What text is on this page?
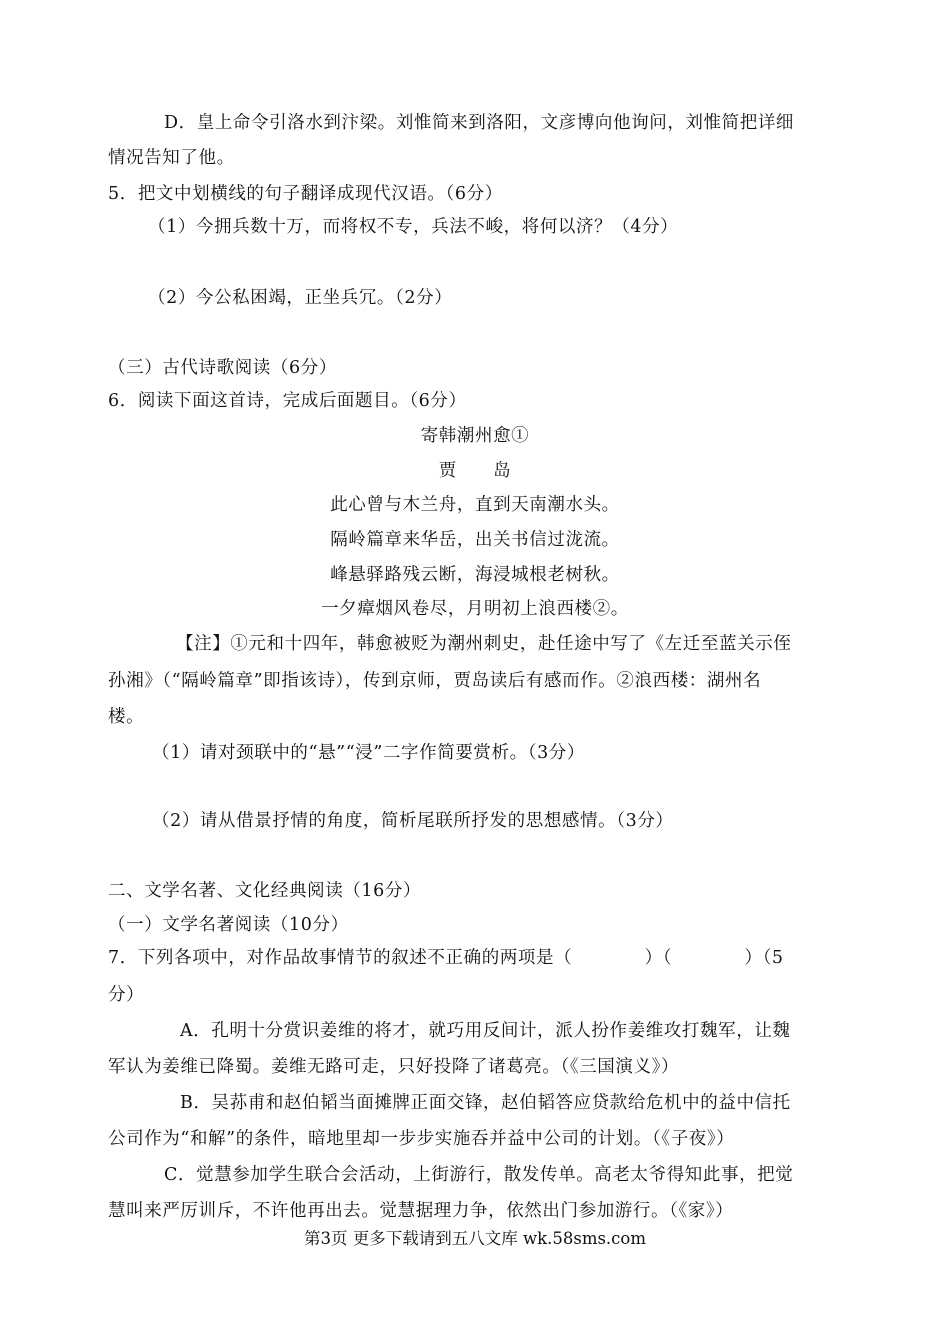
D．皇上命令引洛水到汴梁。刘惟简来到洛阳，文彦博向他询问，刘惟简把详细
情况告知了他。
5．把文中划横线的句子翻译成现代汉语。（6分）
（1）今拥兵数十万，而将权不专，兵法不峻，将何以济？（4分）
（2）今公私困竭，正坐兵冗。（2分）
（三）古代诗歌阅读（6分）
6．阅读下面这首诗，完成后面题目。（6分）
寄韩潮州愈①
贾　　岛
此心曾与木兰舟，直到天南潮水头。
隔岭篇章来华岳，出关书信过泷流。
峰悬驿路残云断，海浸城根老树秋。
一夕瘴烟风卷尽，月明初上浪西楼②。
【注】①元和十四年，韩愈被贬为潮州刺史，赴任途中写了《左迁至蓝关示侄
孙湘》（“隔岭篇章”即指该诗），传到京师，贾岛读后有感而作。②浪西楼：湖州名
楼。
（1）请对颈联中的“悬”“浸”二字作简要赏析。（3分）
（2）请从借景抒情的角度，简析尾联所抒发的思想感情。（3分）
二、文学名著、文化经典阅读（16分）
（一）文学名著阅读（10分）
7．下列各项中，对作品故事情节的叙述不正确的两项是（　　　　）（　　　　）（5
分）
A．孔明十分赏识姜维的将才，就巧用反间计，派人扮作姜维攻打魏军，让魏
军认为姜维已降蜀。姜维无路可走，只好投降了诸葛亮。（《三国演义》）
B．吴荪甫和赵伯韬当面摊牌正面交锋，赵伯韬答应贷款给危机中的益中信托
公司作为“和解”的条件，暗地里却一步步实施吞并益中公司的计划。（《子夜》）
C．觉慧参加学生联合会活动，上街游行，散发传单。高老太爷得知此事，把觉
慧叫来严厉训斥，不许他再出去。觉慧据理力争，依然出门参加游行。（《家》）
第3页 更多下载请到五八文库 wk.58sms.com
